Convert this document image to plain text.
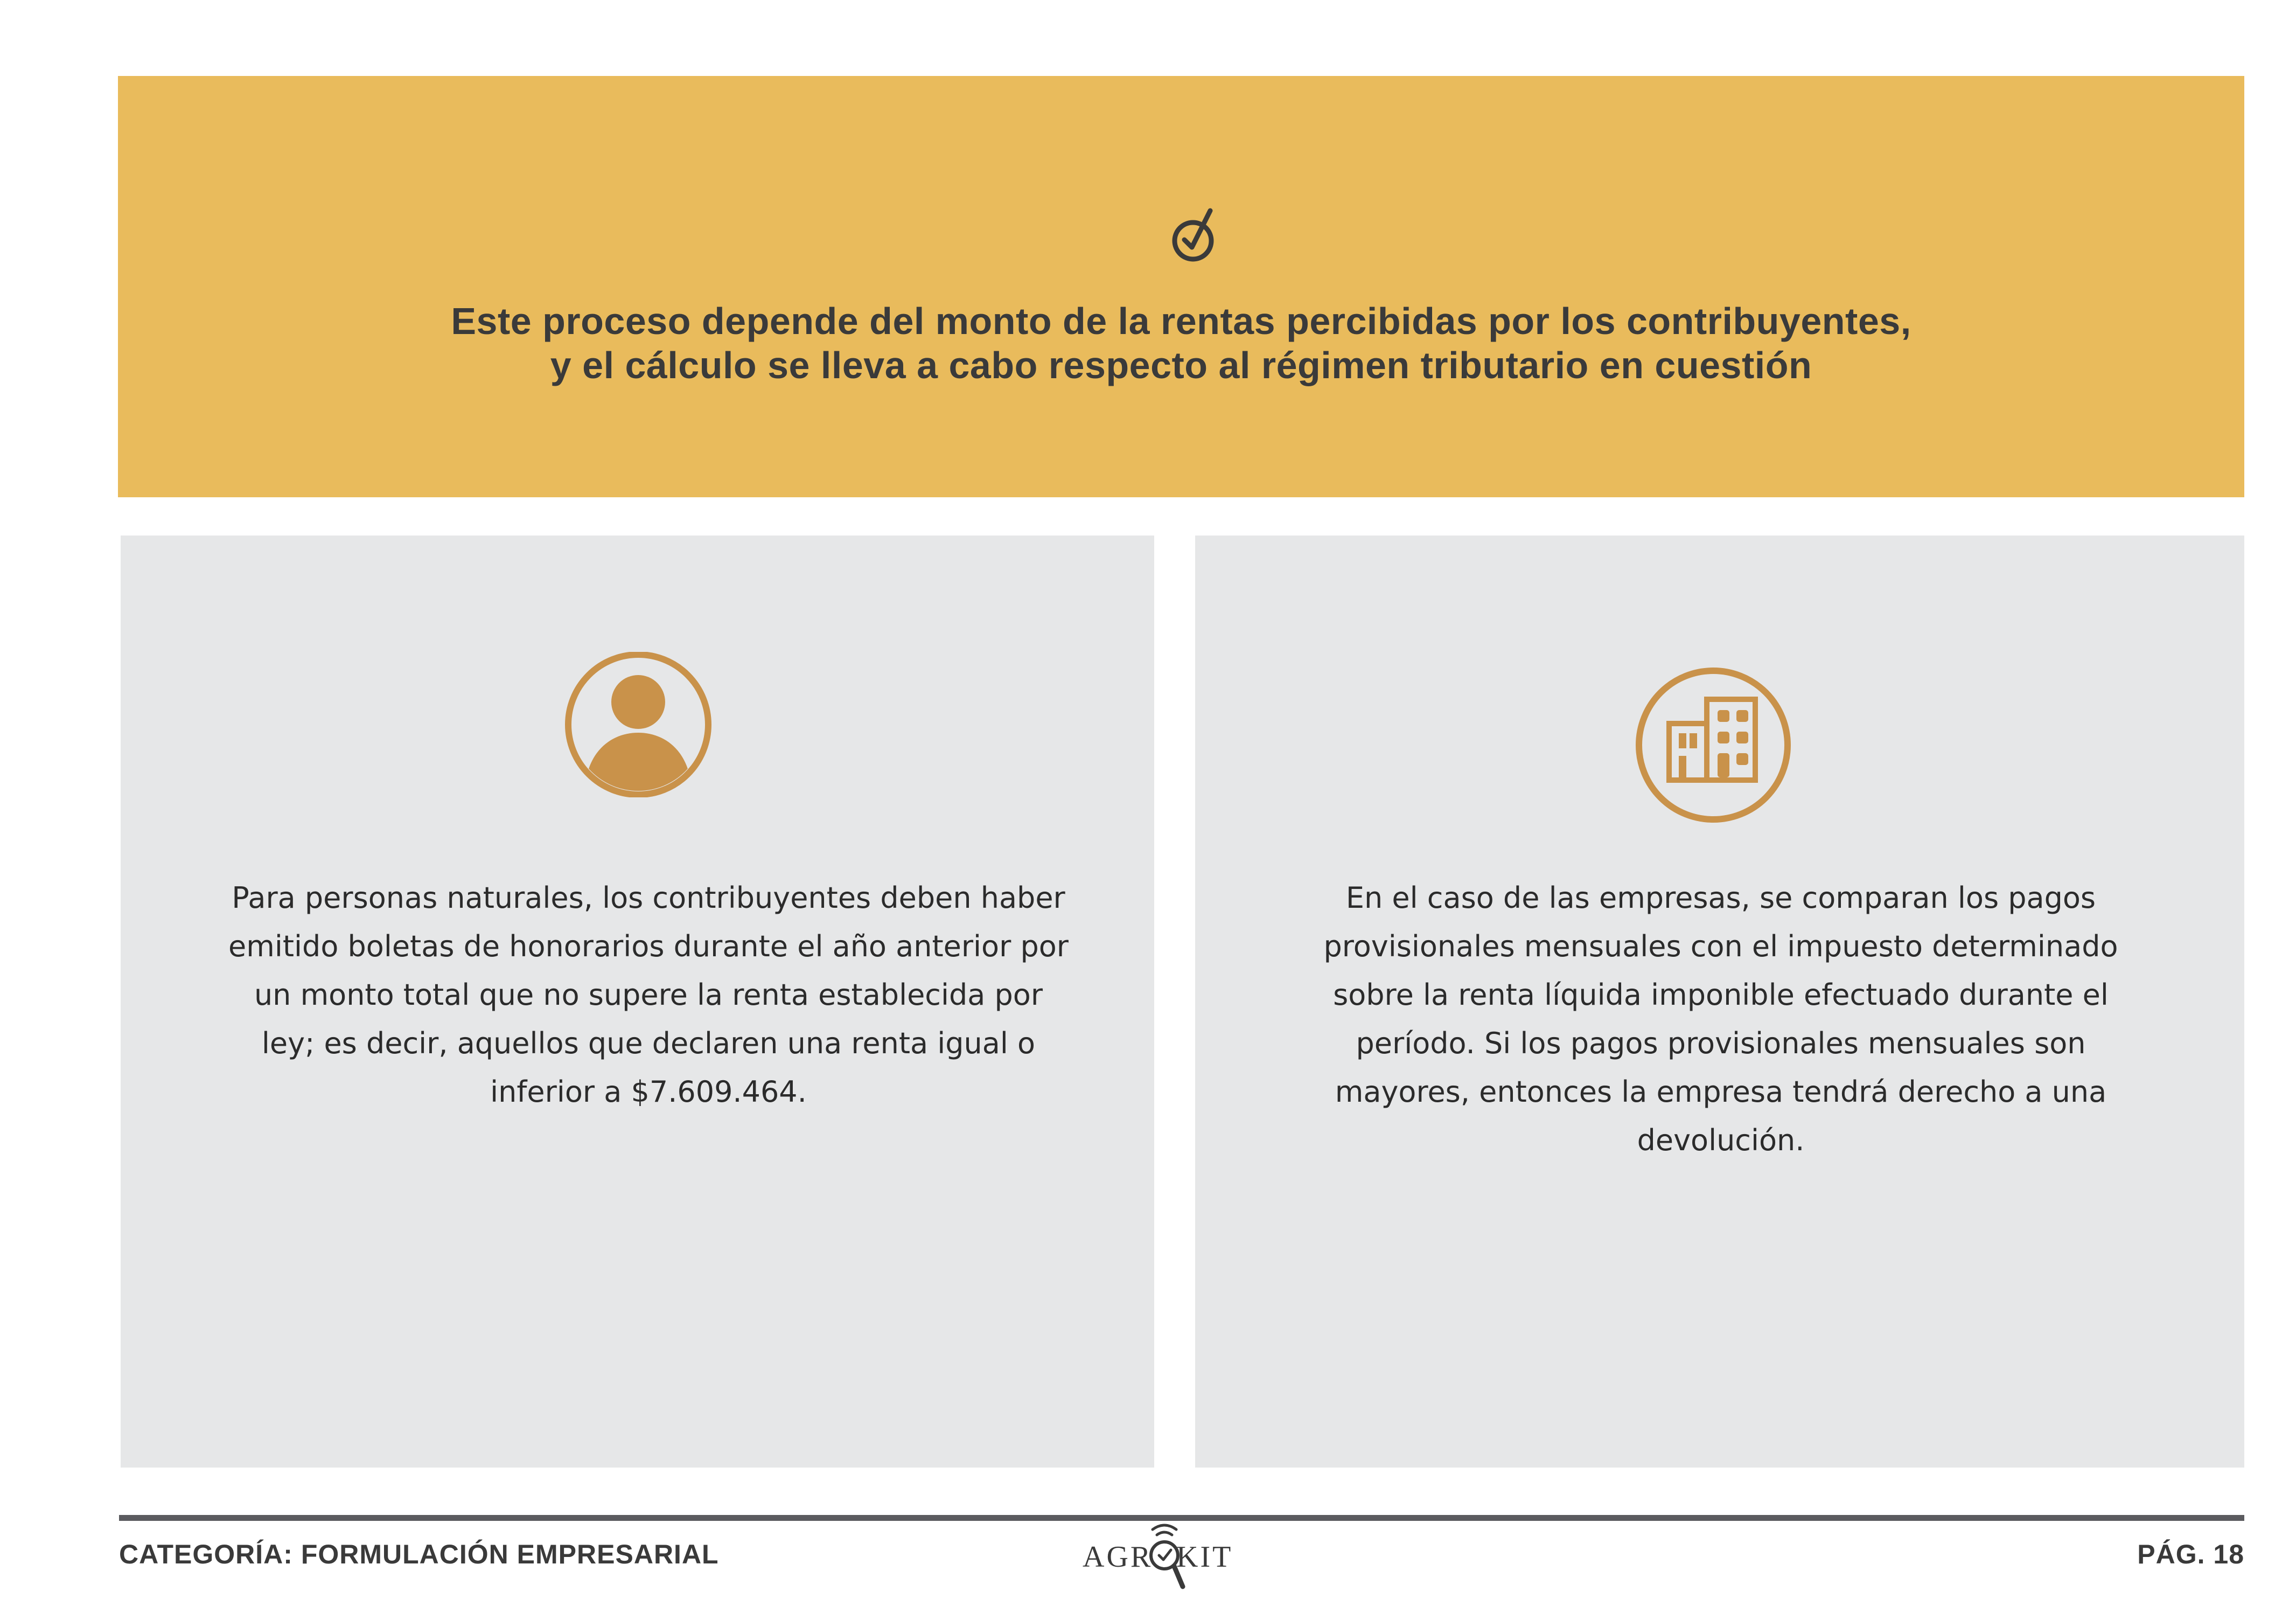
Este proceso depende del monto de la rentas percibidas por los contribuyentes,
y el cálculo se lleva a cabo respecto al régimen tributario en cuestión
Para personas naturales, los contribuyentes deben haber emitido boletas de honorarios durante el año anterior por un monto total que no supere la renta establecida por ley; es decir, aquellos que declaren una renta igual o inferior a $7.609.464.
En el caso de las empresas, se comparan los pagos provisionales mensuales con el impuesto determinado sobre la renta líquida imponible efectuado durante el período. Si los pagos provisionales mensuales son mayores, entonces la empresa tendrá derecho a una devolución.
CATEGORÍA: FORMULACIÓN EMPRESARIAL	AGR KIT	PÁG. 18
